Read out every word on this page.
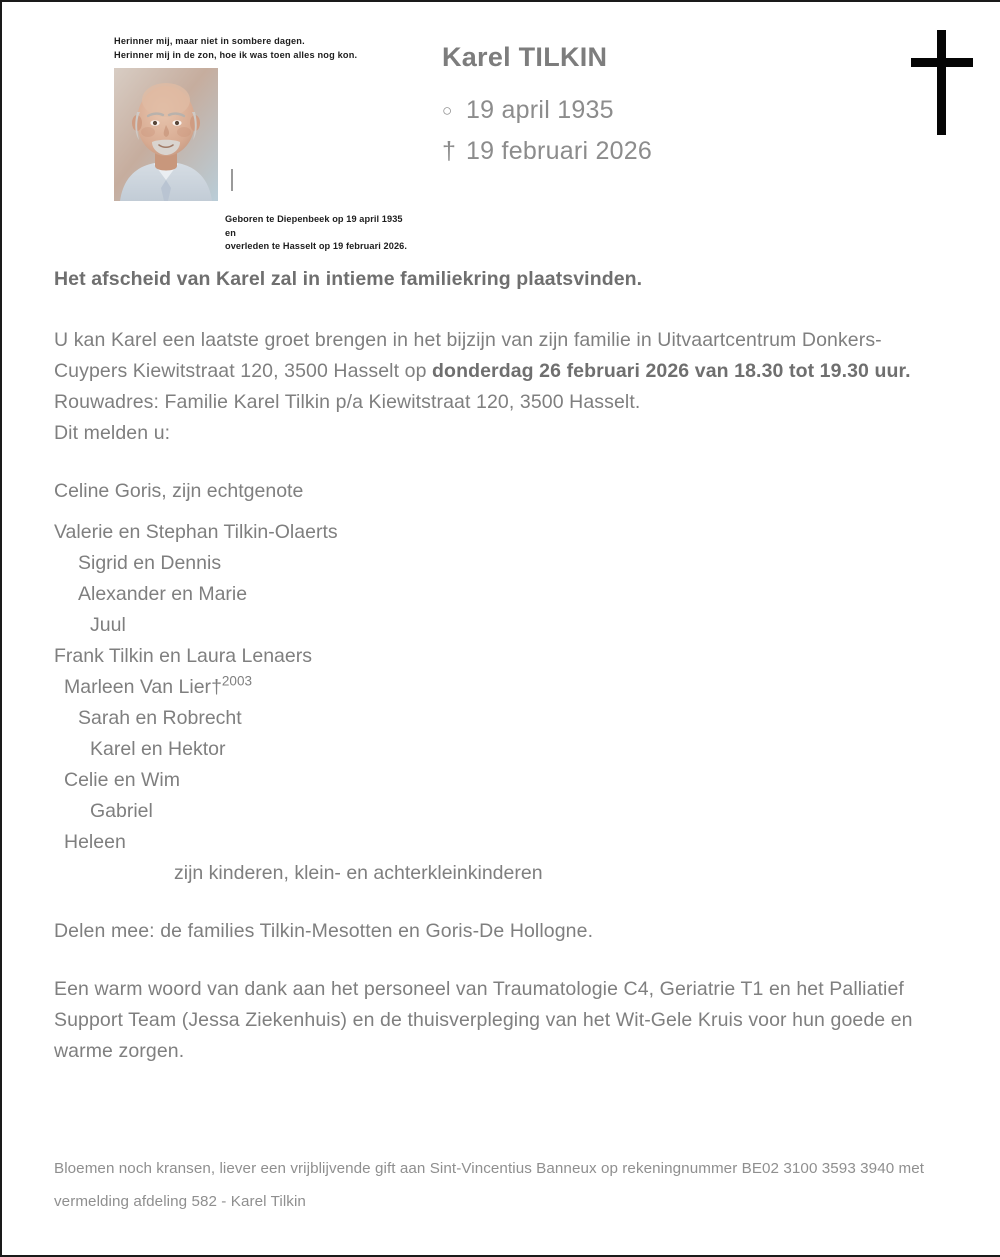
Herinner mij, maar niet in sombere dagen.
Herinner mij in de zon, hoe ik was toen alles nog kon.
Geboren te Diepenbeek op 19 april 1935 en
overleden te Hasselt op 19 februari 2026.
Karel TILKIN
○ 19 april 1935
† 19 februari 2026

Het afscheid van Karel zal in intieme familiekring plaatsvinden.

U kan Karel een laatste groet brengen in het bijzijn van zijn familie in Uitvaartcentrum Donkers-Cuypers Kiewitstraat 120, 3500 Hasselt op donderdag 26 februari 2026 van 18.30 tot 19.30 uur.

Rouwadres: Familie Karel Tilkin p/a Kiewitstraat 120, 3500 Hasselt.

Dit melden u:

Celine Goris, zijn echtgenote
Valerie en Stephan Tilkin-Olaerts
Sigrid en Dennis
Alexander en Marie
Juul
Frank Tilkin en Laura Lenaers
Marleen Van Lier†$^{2003}$
Sarah en Robrecht
Karel en Hektor
Celie en Wim
Gabriel
Heleen
zijn kinderen, klein- en achterkleinkinderen

Delen mee: de families Tilkin-Mesotten en Goris-De Hollogne.

Een warm woord van dank aan het personeel van Traumatologie C4, Geriatrie T1 en het Palliatief Support Team (Jessa Ziekenhuis) en de thuisverpleging van het Wit-Gele Kruis voor hun goede en warme zorgen.

Bloemen noch kransen, liever een vrijblijvende gift aan Sint-Vincentius Banneux op rekeningnummer BE02 3100 3593 3940 met vermelding afdeling 582 - Karel Tilkin
